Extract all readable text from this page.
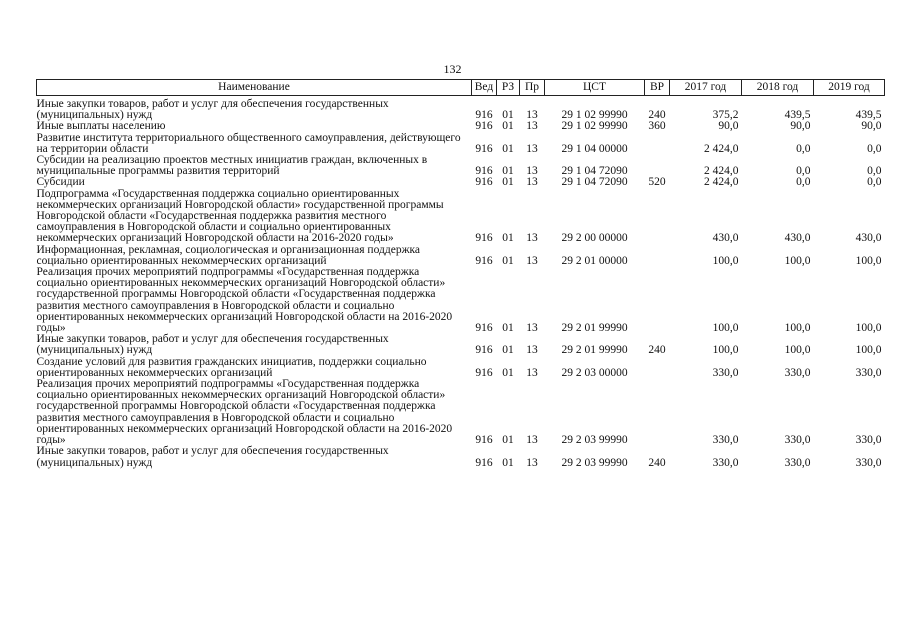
132
Наименование	Вед	РЗ	Пр	ЦСТ	ВР	2017 год	2018 год	2019 год
Иные закупки товаров, работ и услуг для обеспечения государственных (муниципальных) нужд	916	01	13	29 1 02 99990	240	375,2	439,5	439,5
Иные выплаты населению	916	01	13	29 1 02 99990	360	90,0	90,0	90,0
Развитие института территориального общественного самоуправления, действующего на территории области	916	01	13	29 1 04 00000		2 424,0	0,0	0,0
Субсидии на реализацию проектов местных инициатив граждан, включенных в муниципальные программы развития территорий	916	01	13	29 1 04 72090		2 424,0	0,0	0,0
Субсидии	916	01	13	29 1 04 72090	520	2 424,0	0,0	0,0
Подпрограмма «Государственная поддержка социально ориентированных некоммерческих организаций Новгородской области» государственной программы Новгородской области «Государственная поддержка развития местного самоуправления в Новгородской области и социально ориентированных некоммерческих организаций Новгородской области на 2016-2020 годы»	916	01	13	29 2 00 00000		430,0	430,0	430,0
Информационная, рекламная, социологическая и организационная поддержка социально ориентированных некоммерческих организаций	916	01	13	29 2 01 00000		100,0	100,0	100,0
Реализация прочих мероприятий подпрограммы «Государственная поддержка социально ориентированных некоммерческих организаций Новгородской области» государственной программы Новгородской области «Государственная поддержка развития местного самоуправления в Новгородской области и социально ориентированных некоммерческих организаций Новгородской области на 2016-2020 годы»	916	01	13	29 2 01 99990		100,0	100,0	100,0
Иные закупки товаров, работ и услуг для обеспечения государственных (муниципальных) нужд	916	01	13	29 2 01 99990	240	100,0	100,0	100,0
Создание условий для развития гражданских инициатив, поддержки социально ориентированных некоммерческих организаций	916	01	13	29 2 03 00000		330,0	330,0	330,0
Реализация прочих мероприятий подпрограммы «Государственная поддержка социально ориентированных некоммерческих организаций Новгородской области» государственной программы Новгородской области «Государственная поддержка развития местного самоуправления в Новгородской области и социально ориентированных некоммерческих организаций Новгородской области на 2016-2020 годы»	916	01	13	29 2 03 99990		330,0	330,0	330,0
Иные закупки товаров, работ и услуг для обеспечения государственных (муниципальных) нужд	916	01	13	29 2 03 99990	240	330,0	330,0	330,0
